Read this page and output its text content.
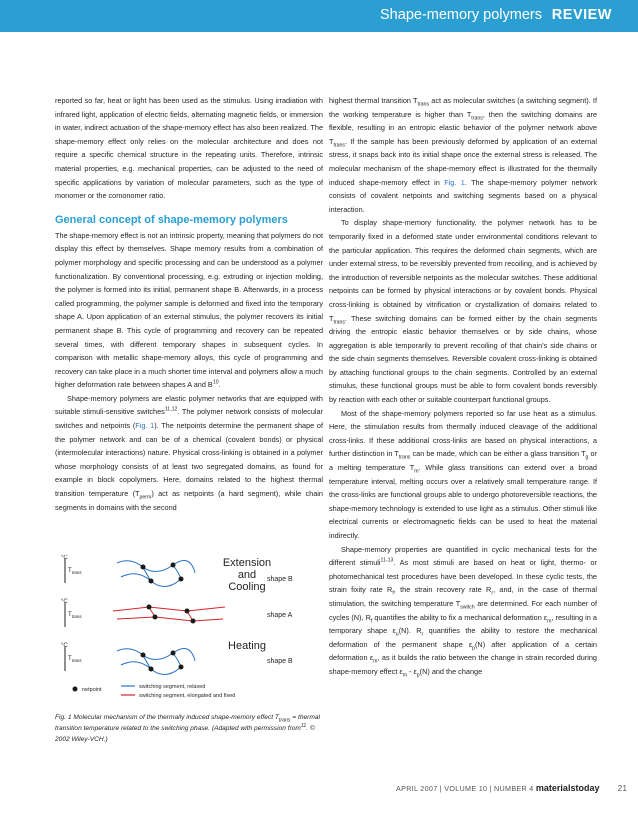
Shape-memory polymers REVIEW

reported so far, heat or light has been used as the stimulus. Using irradiation with infrared light, application of electric fields, alternating magnetic fields, or immersion in water, indirect actuation of the shape-memory effect has also been realized. The shape-memory effect only relies on the molecular architecture and does not require a specific chemical structure in the repeating units. Therefore, intrinsic material properties, e.g. mechanical properties, can be adjusted to the need of specific applications by variation of molecular parameters, such as the type of monomer or the comonomer ratio.

General concept of shape-memory polymers

The shape-memory effect is not an intrinsic property, meaning that polymers do not display this effect by themselves. Shape memory results from a combination of polymer morphology and specific processing and can be understood as a polymer functionalization. By conventional processing, e.g. extruding or injection molding, the polymer is formed into its initial, permanent shape B. Afterwards, in a process called programming, the polymer sample is deformed and fixed into the temporary shape A. Upon application of an external stimulus, the polymer recovers its initial permanent shape B. This cycle of programming and recovery can be repeated several times, with different temporary shapes in subsequent cycles. In comparison with metallic shape-memory alloys, this cycle of programming and recovery can take place in a much shorter time interval and polymers allow a much higher deformation rate between shapes A and $B^{10}$.

Shape-memory polymers are elastic polymer networks that are equipped with suitable stimuli-sensitive switches$^{11,12}$. The polymer network consists of molecular switches and netpoints (Fig. 1). The netpoints determine the permanent shape of the polymer network and can be of a chemical (covalent bonds) or physical (intermolecular interactions) nature. Physical cross-linking is obtained in a polymer whose morphology consists of at least two segregated domains, as found for example in block copolymers. Here, domains related to the highest thermal transition temperature $(T_{perm})$ act as netpoints (a hard segment), while chain segments in domains with the second

°C
°C
°C
$T_{trans}$
$T_{trans}$
$T_{trans}$
Extension
and
Cooling
Heating
shape B
shape A
shape B
netpoint	switching segment, relaxed
switching segment, elongated and fixed
Fig. 1 Molecular mechanism of the thermally induced shape-memory effect $T_{trans}$ = thermal transition temperature related to the switching phase. (Adapted with permission from$^{11}$. © 2002 Wiley-VCH.)

highest thermal transition $T_{trans}$ act as molecular switches (a switching segment). If the working temperature is higher than $T_{trans}$, then the switching domains are flexible, resulting in an entropic elastic behavior of the polymer network above $T_{trans}$. If the sample has been previously deformed by application of an external stress, it snaps back into its initial shape once the external stress is released. The molecular mechanism of the shape-memory effect is illustrated for the thermally induced shape-memory effect in Fig. 1. The shape-memory polymer network consists of covalent netpoints and switching segments based on a physical interaction.

To display shape-memory functionality, the polymer network has to be temporarily fixed in a deformed state under environmental conditions relevant to the particular application. This requires the deformed chain segments, which are under external stress, to be reversibly prevented from recoiling, and is achieved by the introduction of reversible netpoints as the molecular switches. These additional netpoints can be formed by physical interactions or by covalent bonds. Physical cross-linking is obtained by vitrification or crystallization of domains related to $T_{trans}$. These switching domains can be formed either by the chain segments driving the entropic elastic behavior themselves or by side chains, whose aggregation is able temporarily to prevent recoiling of that chain’s side chains or the side chain segments themselves. Reversible covalent cross-linking is obtained by attaching functional groups to the chain segments. Controlled by an external stimulus, these functional groups must be able to form covalent bonds reversibly by reaction with each other or suitable counterpart functional groups.

Most of the shape-memory polymers reported so far use heat as a stimulus. Here, the stimulation results from thermally induced cleavage of the additional cross-links. If these additional cross-links are based on physical interactions, a further distinction in $T_{trans}$ can be made, which can be either a glass transition $T_g$ or a melting temperature $T_m$. While glass transitions can extend over a broad temperature interval, melting occurs over a relatively small temperature range. If the cross-links are functional groups able to undergo photoreversible reactions, the shape-memory technology is extended to use light as a stimulus. Other stimuli like electrical currents or electromagnetic fields can be used to heat the material indirectly.

Shape-memory properties are quantified in cyclic mechanical tests for the different stimuli$^{11-13}$. As most stimuli are based on heat or light, thermo- or photomechanical test procedures have been developed. In these cyclic tests, the strain fixity rate $R_f$, the strain recovery rate $R_r$, and, in the case of thermal stimulation, the switching temperature $T_{switch}$ are determined. For each number of cycles (N), $R_f$ quantifies the ability to fix a mechanical deformation $\varepsilon_m$, resulting in a temporary shape $\varepsilon_u(N)$. $R_r$ quantifies the ability to restore the mechanical deformation of the permanent shape $\varepsilon_p(N)$ after application of a certain deformation $\varepsilon_m$, as it builds the ratio between the change in strain recorded during shape-memory effect $\varepsilon_m - \varepsilon_p(N)$ and the change

APRIL 2007 | VOLUME 10 | NUMBER 4 materialstoday 21
